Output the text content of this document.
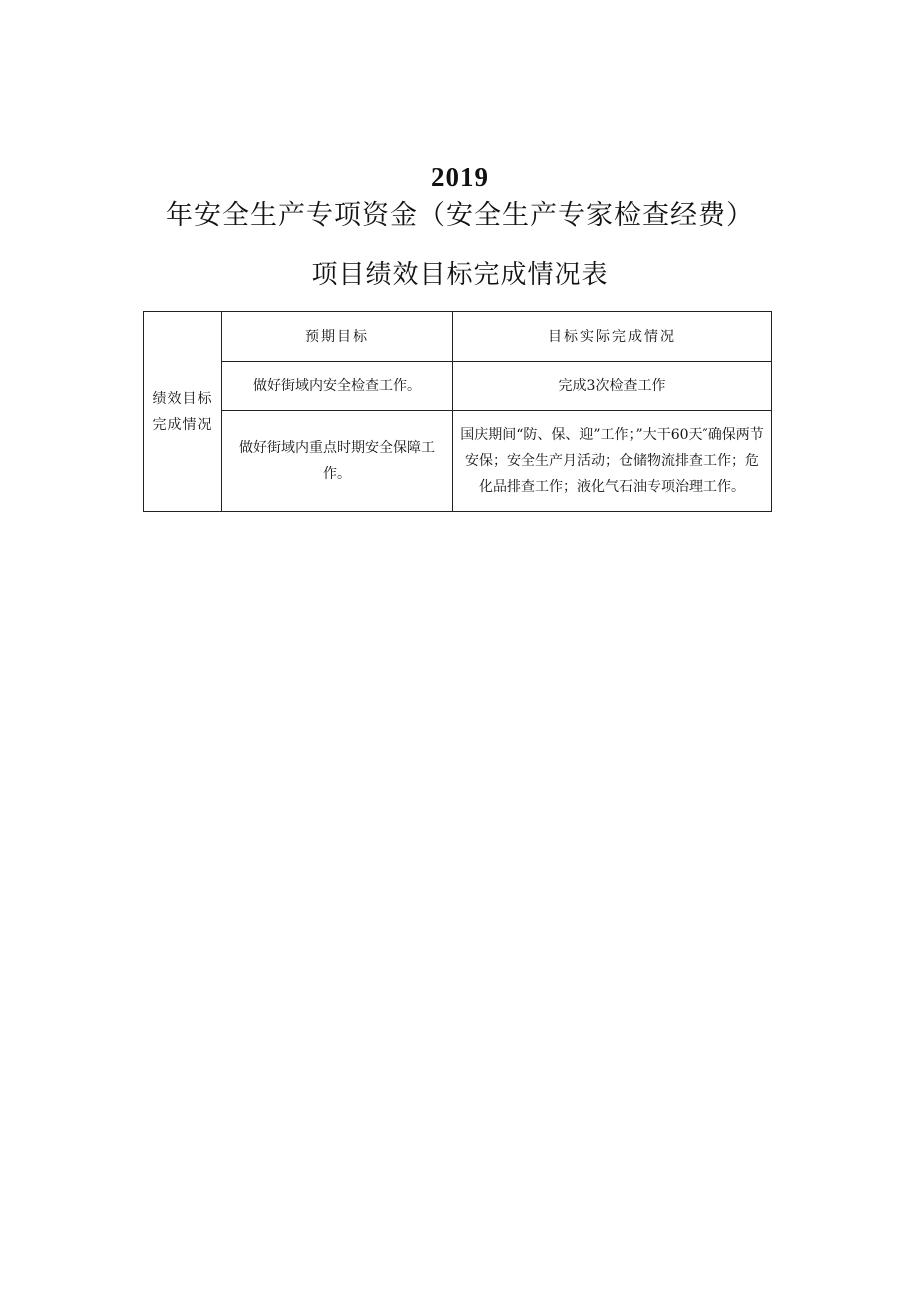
2019年安全生产专项资金（安全生产专家检查经费）
项目绩效目标完成情况表
绩效目标完成情况	预期目标	目标实际完成情况
	做好街域内安全检查工作。	完成3次检查工作
	做好街域内重点时期安全保障工作。	国庆期间“防、保、迎”工作；”大干60天″确保两节安保；安全生产月活动；仓储物流排查工作；危化品排查工作；液化气石油专项治理工作。
